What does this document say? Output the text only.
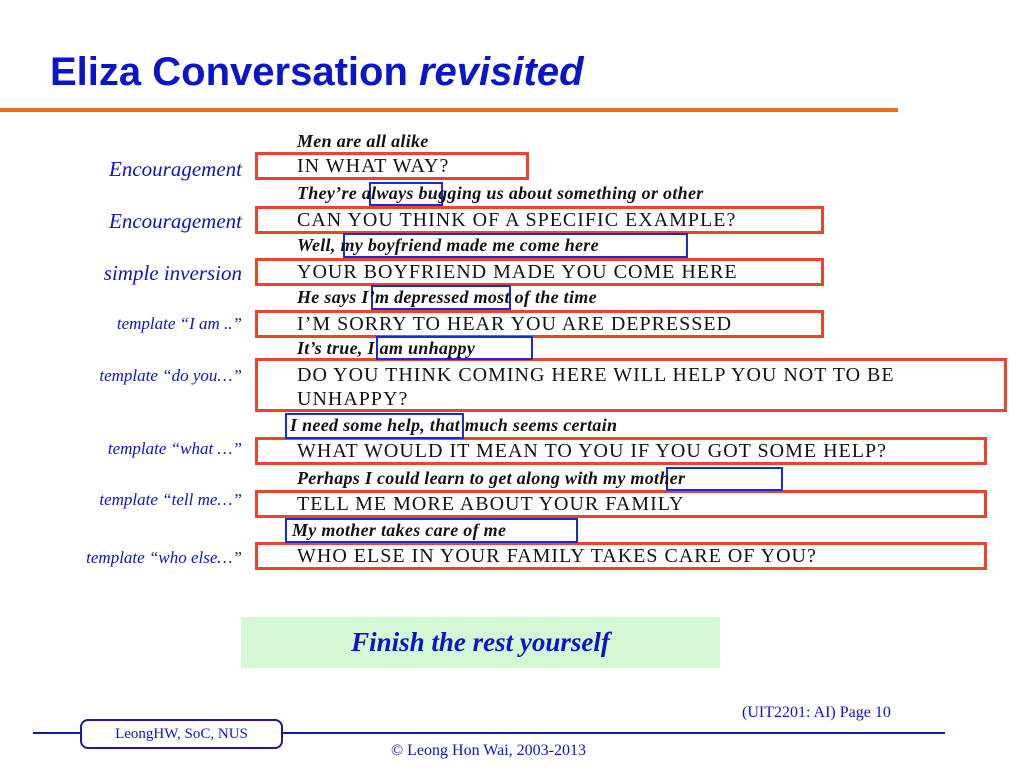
Eliza Conversation revisited
Encouragement
Encouragement
simple inversion
template “I am ..”
template “do you…”
template “what …”
template “tell me…”
template “who else…”
Men are all alike
IN WHAT WAY?
They’re always bugging us about something or other
CAN YOU THINK OF A SPECIFIC EXAMPLE?
Well, my boyfriend made me come here
YOUR BOYFRIEND MADE YOU COME HERE
He says I’m depressed most of the time
I’M SORRY TO HEAR YOU ARE DEPRESSED
It’s true, I am unhappy
DO YOU THINK COMING HERE WILL HELP YOU NOT TO BE
UNHAPPY?
I need some help, that much seems certain
WHAT WOULD IT MEAN TO YOU IF YOU GOT SOME HELP?
Perhaps I could learn to get along with my mother
TELL ME MORE ABOUT YOUR FAMILY
My mother takes care of me
WHO ELSE IN YOUR FAMILY TAKES CARE OF YOU?
Finish the rest yourself
(UIT2201: AI) Page 10
LeongHW, SoC, NUS
© Leong Hon Wai, 2003-2013
